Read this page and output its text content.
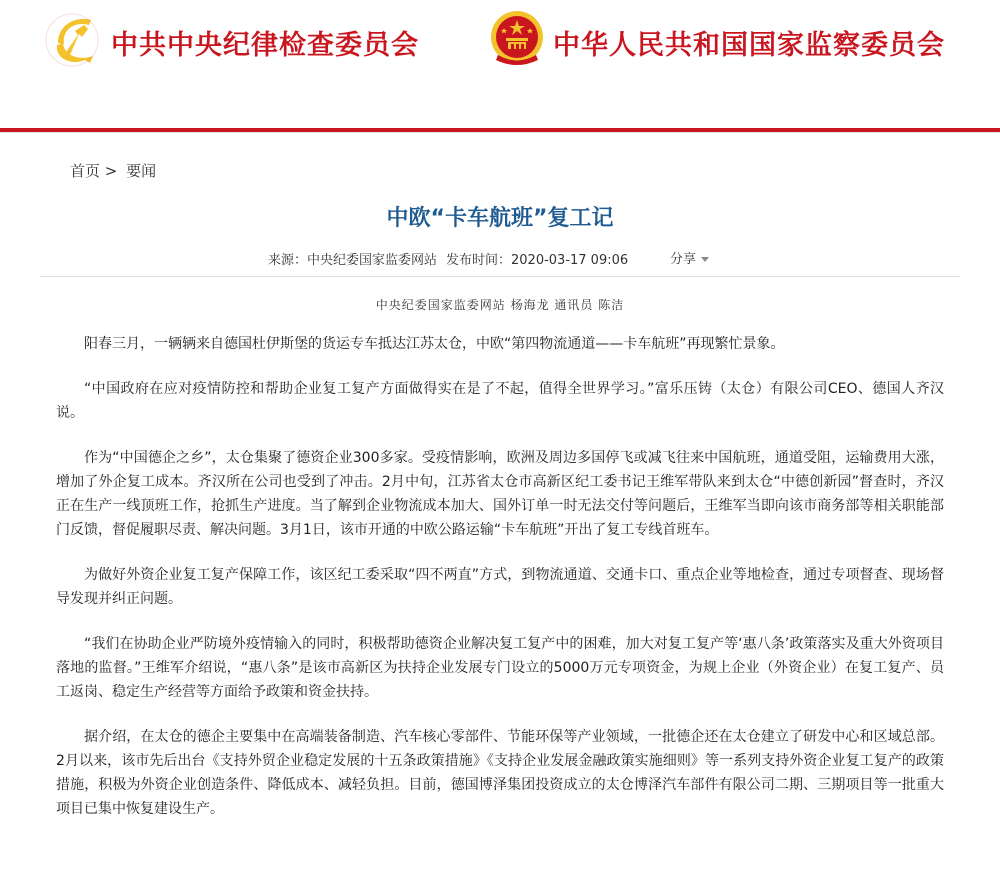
中共中央纪律检查委员会	中华人民共和国国家监察委员会
首页 > 要闻
中欧“卡车航班”复工记
来源：中央纪委国家监委网站 发布时间：2020-03-17 09:06	分享
中央纪委国家监委网站 杨海龙 通讯员 陈洁

阳春三月，一辆辆来自德国杜伊斯堡的货运专车抵达江苏太仓，中欧“第四物流通道——卡车航班”再现繁忙景象。

“中国政府在应对疫情防控和帮助企业复工复产方面做得实在是了不起，值得全世界学习。”富乐压铸（太仓）有限公司CEO、德国人齐汉说。

作为“中国德企之乡”，太仓集聚了德资企业300多家。受疫情影响，欧洲及周边多国停飞或减飞往来中国航班，通道受阻，运输费用大涨，增加了外企复工成本。齐汉所在公司也受到了冲击。2月中旬，江苏省太仓市高新区纪工委书记王维军带队来到太仓“中德创新园”督查时，齐汉正在生产一线顶班工作，抢抓生产进度。当了解到企业物流成本加大、国外订单一时无法交付等问题后，王维军当即向该市商务部等相关职能部门反馈，督促履职尽责、解决问题。3月1日，该市开通的中欧公路运输“卡车航班”开出了复工专线首班车。

为做好外资企业复工复产保障工作，该区纪工委采取“四不两直”方式，到物流通道、交通卡口、重点企业等地检查，通过专项督查、现场督导发现并纠正问题。

“我们在协助企业严防境外疫情输入的同时，积极帮助德资企业解决复工复产中的困难，加大对复工复产等‘惠八条’政策落实及重大外资项目落地的监督。”王维军介绍说，“惠八条”是该市高新区为扶持企业发展专门设立的5000万元专项资金，为规上企业（外资企业）在复工复产、员工返岗、稳定生产经营等方面给予政策和资金扶持。

据介绍，在太仓的德企主要集中在高端装备制造、汽车核心零部件、节能环保等产业领域，一批德企还在太仓建立了研发中心和区域总部。2月以来，该市先后出台《支持外贸企业稳定发展的十五条政策措施》《支持企业发展金融政策实施细则》等一系列支持外资企业复工复产的政策措施，积极为外资企业创造条件、降低成本、减轻负担。目前，德国博泽集团投资成立的太仓博泽汽车部件有限公司二期、三期项目等一批重大项目已集中恢复建设生产。
